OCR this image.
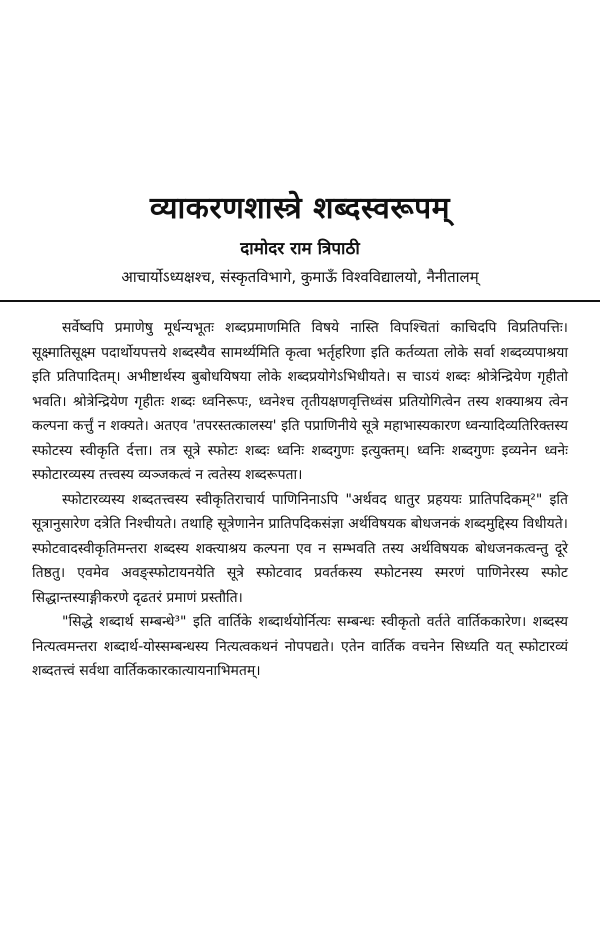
व्याकरणशास्त्रे शब्दस्वरूपम्
दामोदर राम त्रिपाठी
आचार्योऽध्यक्षश्च, संस्कृतविभागे, कुमाऊँ विश्वविद्यालयो, नैनीतालम्

सर्वेष्वपि प्रमाणेषु मूर्धन्यभूतः शब्दप्रमाणमिति विषये नास्ति विपश्चितां काचिदपि विप्रतिपत्तिः। सूक्ष्मातिसूक्ष्म पदार्थोयपत्तये शब्दस्यैव सामर्थ्यमिति कृत्वा भर्तृहरिणा इति कर्तव्यता लोके सर्वा शब्दव्यपाश्रया इति प्रतिपादितम्। अभीष्टार्थस्य बुबोधयिषया लोके शब्दप्रयोगेऽभिधीयते। स चाऽयं शब्दः श्रोत्रेन्द्रियेण गृहीतो भवति। श्रोत्रेन्द्रियेण गृहीतः शब्दः ध्वनिरूपः, ध्वनेश्च तृतीयक्षणवृत्तिध्वंस प्रतियोगित्वेन तस्य शक्याश्रय त्वेन कल्पना कर्त्तुं न शक्यते। अतएव 'तपरस्तत्कालस्य' इति पप्राणिनीये सूत्रे महाभास्यकारण ध्वन्यादिव्यतिरिक्तस्य स्फोटस्य स्वीकृति र्दत्ता। तत्र सूत्रे स्फोटः शब्दः ध्वनिः शब्दगुणः इत्युक्तम्। ध्वनिः शब्दगुणः इव्यनेन ध्वनेः स्फोटारव्यस्य तत्त्वस्य व्यञ्जकत्वं न त्वतेस्य शब्दरूपता।

स्फोटारव्यस्य शब्दतत्त्वस्य स्वीकृतिराचार्य पाणिनिनाऽपि "अर्थवद धातुर प्रहययः प्रातिपदिकम्²" इति सूत्रानुसारेण दत्रेति निश्चीयते। तथाहि सूत्रेणानेन प्रातिपदिकसंज्ञा अर्थविषयक बोधजनकं शब्दमुद्दिस्य विधीयते। स्फोटवादस्वीकृतिमन्तरा शब्दस्य शक्त्याश्रय कल्पना एव न सम्भवति तस्य अर्थविषयक बोधजनकत्वन्तु दूरे तिष्ठतु। एवमेव अवङ्स्फोटायनयेति सूत्रे स्फोटवाद प्रवर्तकस्य स्फोटनस्य स्मरणं पाणिनेरस्य स्फोट सिद्धान्तस्याङ्गीकरणे दृढतरं प्रमाणं प्रस्तौति।

"सिद्धे शब्दार्थ सम्बन्धे³" इति वार्तिके शब्दार्थयोर्नित्यः सम्बन्धः स्वीकृतो वर्तते वार्तिककारेण। शब्दस्य नित्यत्वमन्तरा शब्दार्थ-योस्सम्बन्धस्य नित्यत्वकथनं नोपपद्यते। एतेन वार्तिक वचनेन सिध्यति यत् स्फोटारव्यं शब्दतत्त्वं सर्वथा वार्तिककारकात्यायनाभिमतम्।
